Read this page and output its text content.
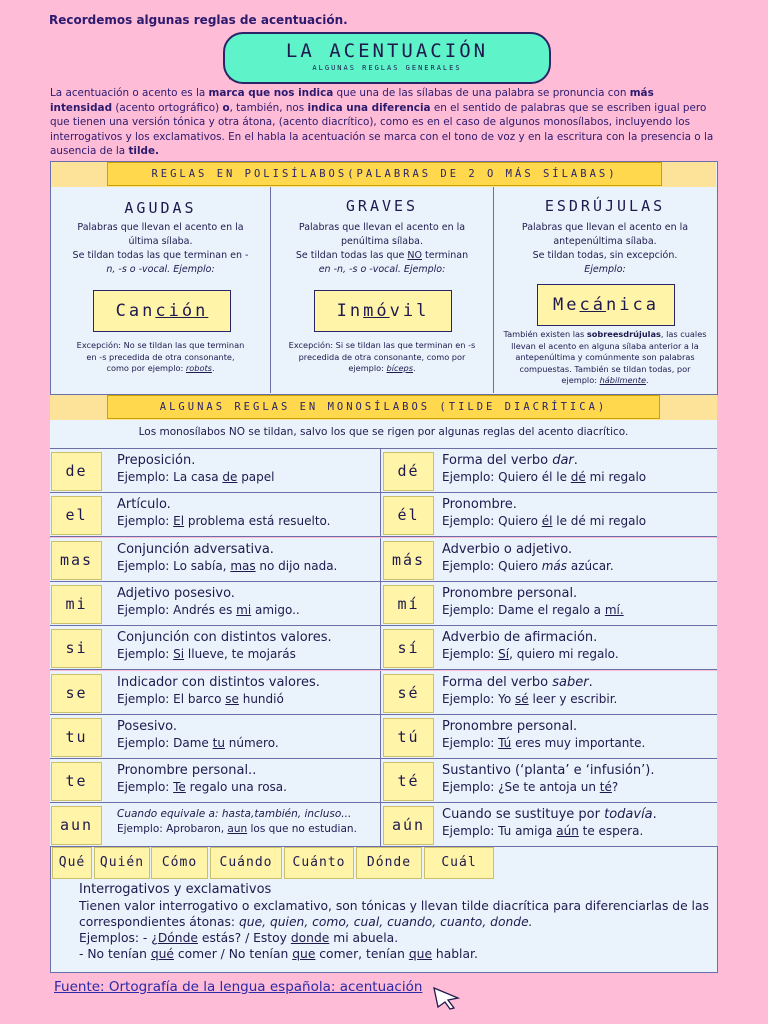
Recordemos algunas reglas de acentuación.
LA ACENTUACIÓN
ALGUNAS REGLAS GENERALES
La acentuación o acento es la marca que nos indica que una de las sílabas de una palabra se pronuncia con más intensidad (acento ortográfico) o, también, nos indica una diferencia en el sentido de palabras que se escriben igual pero que tienen una versión tónica y otra átona, (acento diacrítico), como es en el caso de algunos monosílabos, incluyendo los interrogativos y los exclamativos. En el habla la acentuación se marca con el tono de voz y en la escritura con la presencia o la ausencia de la tilde.
REGLAS EN POLISÍLABOS(PALABRAS DE 2 O MÁS SÍLABAS)
AGUDAS
Palabras que llevan el acento en la
última sílaba.
Se tildan todas las que terminan en -
n, -s o -vocal. Ejemplo:
Canción
Excepción: No se tildan las que terminan
en -s precedida de otra consonante,
como por ejemplo: robots.
GRAVES
Palabras que llevan el acento en la
penúltima sílaba.
Se tildan todas las que NO terminan
en -n, -s o -vocal. Ejemplo:
Inmóvil
Excepción: Si se tildan las que terminan en -s
precedida de otra consonante, como por
ejemplo: bíceps.
ESDRÚJULAS
Palabras que llevan el acento en la
antepenúltima sílaba.
Se tildan todas, sin excepción.
Ejemplo:
Mecánica
También existen las sobreesdrújulas, las cuales
llevan el acento en alguna sílaba anterior a la
antepenúltima y comúnmente son palabras
compuestas. También se tildan todas, por
ejemplo: hábilmente.
ALGUNAS REGLAS EN MONOSÍLABOS (TILDE DIACRÍTICA)
Los monosílabos NO se tildan, salvo los que se rigen por algunas reglas del acento diacrítico.
de
Preposición.
Ejemplo: La casa de papel	dé
Forma del verbo dar.
Ejemplo: Quiero él le dé mi regalo
el
Artículo.
Ejemplo: El problema está resuelto.	él
Pronombre.
Ejemplo: Quiero él le dé mi regalo
mas
Conjunción adversativa.
Ejemplo: Lo sabía, mas no dijo nada.	más
Adverbio o adjetivo.
Ejemplo: Quiero más azúcar.
mi
Adjetivo posesivo.
Ejemplo: Andrés es mi amigo..	mí
Pronombre personal.
Ejemplo: Dame el regalo a mí.
si
Conjunción con distintos valores.
Ejemplo: Si llueve, te mojarás	sí
Adverbio de afirmación.
Ejemplo: Sí, quiero mi regalo.
se
Indicador con distintos valores.
Ejemplo: El barco se hundió	sé
Forma del verbo saber.
Ejemplo: Yo sé leer y escribir.
tu
Posesivo.
Ejemplo: Dame tu número.	tú
Pronombre personal.
Ejemplo: Tú eres muy importante.
te
Pronombre personal..
Ejemplo: Te regalo una rosa.	té
Sustantivo (‘planta’ e ‘infusión’).
Ejemplo: ¿Se te antoja un té?
aun
Cuando equivale a: hasta,también, incluso...
Ejemplo: Aprobaron, aun los que no estudian.	aún
Cuando se sustituye por todavía.
Ejemplo: Tu amiga aún te espera.
Qué	Quién	Cómo	Cuándo	Cuánto	Dónde	Cuál
Interrogativos y exclamativos
Tienen valor interrogativo o exclamativo, son tónicas y llevan tilde diacrítica para diferenciarlas de las
correspondientes átonas: que, quien, como, cual, cuando, cuanto, donde.
Ejemplos: - ¿Dónde estás? / Estoy donde mi abuela.
- No tenían qué comer / No tenían que comer, tenían que hablar.
Fuente: Ortografía de la lengua española: acentuación
